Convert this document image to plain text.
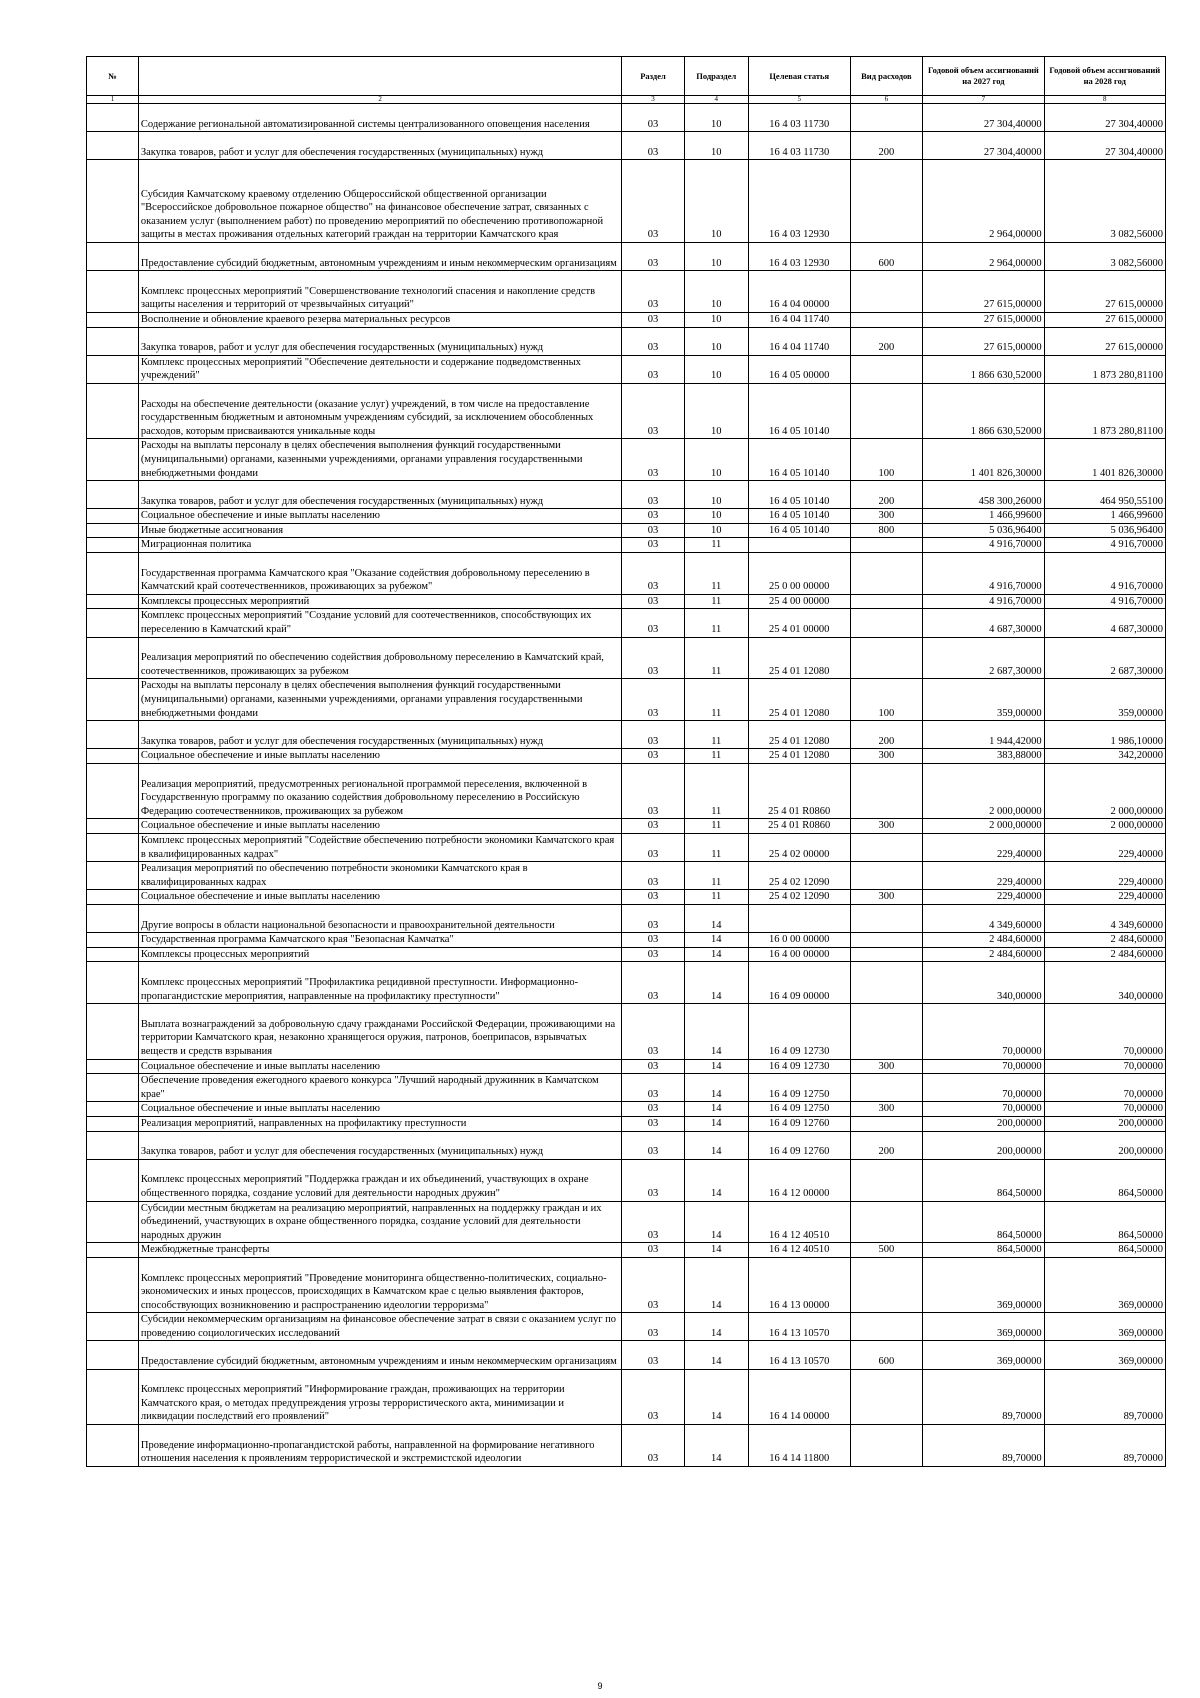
№		Раздел	Подраздел	Целевая статья	Вид расходов	Годовой объем ассигнований на 2027 год	Годовой объем ассигнований на 2028 год
1	2	3	4	5	6	7	8
	Содержание региональной автоматизированной системы централизованного оповещения населения	03	10	16 4 03 11730		27 304,40000	27 304,40000
	Закупка товаров, работ и услуг для обеспечения государственных (муниципальных) нужд	03	10	16 4 03 11730	200	27 304,40000	27 304,40000
	Субсидия Камчатскому краевому отделению Общероссийской общественной организации "Всероссийское добровольное пожарное общество" на финансовое обеспечение затрат, связанных с оказанием услуг (выполнением работ) по проведению мероприятий по обеспечению противопожарной защиты в местах проживания отдельных категорий граждан на территории Камчатского края	03	10	16 4 03 12930		2 964,00000	3 082,56000
	Предоставление субсидий бюджетным, автономным учреждениям и иным некоммерческим организациям	03	10	16 4 03 12930	600	2 964,00000	3 082,56000
	Комплекс процессных мероприятий "Совершенствование технологий спасения и накопление средств защиты населения и территорий от чрезвычайных ситуаций"	03	10	16 4 04 00000		27 615,00000	27 615,00000
	Восполнение и обновление краевого резерва материальных ресурсов	03	10	16 4 04 11740		27 615,00000	27 615,00000
	Закупка товаров, работ и услуг для обеспечения государственных (муниципальных) нужд	03	10	16 4 04 11740	200	27 615,00000	27 615,00000
	Комплекс процессных мероприятий "Обеспечение деятельности и содержание подведомственных учреждений"	03	10	16 4 05 00000		1 866 630,52000	1 873 280,81100
	Расходы на обеспечение деятельности (оказание услуг) учреждений, в том числе на предоставление государственным бюджетным и автономным учреждениям субсидий, за исключением обособленных расходов, которым присваиваются уникальные коды	03	10	16 4 05 10140		1 866 630,52000	1 873 280,81100
	Расходы на выплаты персоналу в целях обеспечения выполнения функций государственными (муниципальными) органами, казенными учреждениями, органами управления государственными внебюджетными фондами	03	10	16 4 05 10140	100	1 401 826,30000	1 401 826,30000
	Закупка товаров, работ и услуг для обеспечения государственных (муниципальных) нужд	03	10	16 4 05 10140	200	458 300,26000	464 950,55100
	Социальное обеспечение и иные выплаты населению	03	10	16 4 05 10140	300	1 466,99600	1 466,99600
	Иные бюджетные ассигнования	03	10	16 4 05 10140	800	5 036,96400	5 036,96400
	Миграционная политика	03	11			4 916,70000	4 916,70000
	Государственная программа Камчатского края "Оказание содействия добровольному переселению в Камчатский край соотечественников, проживающих за рубежом"	03	11	25 0 00 00000		4 916,70000	4 916,70000
	Комплексы процессных мероприятий	03	11	25 4 00 00000		4 916,70000	4 916,70000
	Комплекс процессных мероприятий "Создание условий для соотечественников, способствующих их переселению в Камчатский край"	03	11	25 4 01 00000		4 687,30000	4 687,30000
	Реализация мероприятий по обеспечению содействия добровольному переселению в Камчатский край, соотечественников, проживающих за рубежом	03	11	25 4 01 12080		2 687,30000	2 687,30000
	Расходы на выплаты персоналу в целях обеспечения выполнения функций государственными (муниципальными) органами, казенными учреждениями, органами управления государственными внебюджетными фондами	03	11	25 4 01 12080	100	359,00000	359,00000
	Закупка товаров, работ и услуг для обеспечения государственных (муниципальных) нужд	03	11	25 4 01 12080	200	1 944,42000	1 986,10000
	Социальное обеспечение и иные выплаты населению	03	11	25 4 01 12080	300	383,88000	342,20000
	Реализация мероприятий, предусмотренных региональной программой переселения, включенной в Государственную программу по оказанию содействия добровольному переселению в Российскую Федерацию соотечественников, проживающих за рубежом	03	11	25 4 01 R0860		2 000,00000	2 000,00000
	Социальное обеспечение и иные выплаты населению	03	11	25 4 01 R0860	300	2 000,00000	2 000,00000
	Комплекс процессных мероприятий "Содействие обеспечению потребности экономики Камчатского края в квалифицированных кадрах"	03	11	25 4 02 00000		229,40000	229,40000
	Реализация мероприятий по обеспечению потребности экономики Камчатского края в квалифицированных кадрах	03	11	25 4 02 12090		229,40000	229,40000
	Социальное обеспечение и иные выплаты населению	03	11	25 4 02 12090	300	229,40000	229,40000
	Другие вопросы в области национальной безопасности и правоохранительной деятельности	03	14			4 349,60000	4 349,60000
	Государственная программа Камчатского края "Безопасная Камчатка"	03	14	16 0 00 00000		2 484,60000	2 484,60000
	Комплексы процессных мероприятий	03	14	16 4 00 00000		2 484,60000	2 484,60000
	Комплекс процессных мероприятий "Профилактика рецидивной преступности. Информационно-пропагандистские мероприятия, направленные на профилактику преступности"	03	14	16 4 09 00000		340,00000	340,00000
	Выплата вознаграждений за добровольную сдачу гражданами Российской Федерации, проживающими на территории Камчатского края, незаконно хранящегося оружия, патронов, боеприпасов, взрывчатых веществ и средств взрывания	03	14	16 4 09 12730		70,00000	70,00000
	Социальное обеспечение и иные выплаты населению	03	14	16 4 09 12730	300	70,00000	70,00000
	Обеспечение проведения ежегодного краевого конкурса "Лучший народный дружинник в Камчатском крае"	03	14	16 4 09 12750		70,00000	70,00000
	Социальное обеспечение и иные выплаты населению	03	14	16 4 09 12750	300	70,00000	70,00000
	Реализация мероприятий, направленных на профилактику преступности	03	14	16 4 09 12760		200,00000	200,00000
	Закупка товаров, работ и услуг для обеспечения государственных (муниципальных) нужд	03	14	16 4 09 12760	200	200,00000	200,00000
	Комплекс процессных мероприятий "Поддержка граждан и их объединений, участвующих в охране общественного порядка, создание условий для деятельности народных дружин"	03	14	16 4 12 00000		864,50000	864,50000
	Субсидии местным бюджетам на реализацию мероприятий, направленных на поддержку граждан и их объединений, участвующих в охране общественного порядка, создание условий для деятельности народных дружин	03	14	16 4 12 40510		864,50000	864,50000
	Межбюджетные трансферты	03	14	16 4 12 40510	500	864,50000	864,50000
	Комплекс процессных мероприятий "Проведение мониторинга общественно-политических, социально-экономических и иных процессов, происходящих в Камчатском крае с целью выявления факторов, способствующих возникновению и распространению идеологии терроризма"	03	14	16 4 13 00000		369,00000	369,00000
	Субсидии некоммерческим организациям на финансовое обеспечение затрат в связи с оказанием услуг по проведению социологических исследований	03	14	16 4 13 10570		369,00000	369,00000
	Предоставление субсидий бюджетным, автономным учреждениям и иным некоммерческим организациям	03	14	16 4 13 10570	600	369,00000	369,00000
	Комплекс процессных мероприятий "Информирование граждан, проживающих на территории Камчатского края, о методах предупреждения угрозы террористического акта, минимизации и ликвидации последствий его проявлений"	03	14	16 4 14 00000		89,70000	89,70000
	Проведение информационно-пропагандистской работы, направленной на формирование негативного отношения населения к проявлениям террористической и экстремистской идеологии	03	14	16 4 14 11800		89,70000	89,70000
9
